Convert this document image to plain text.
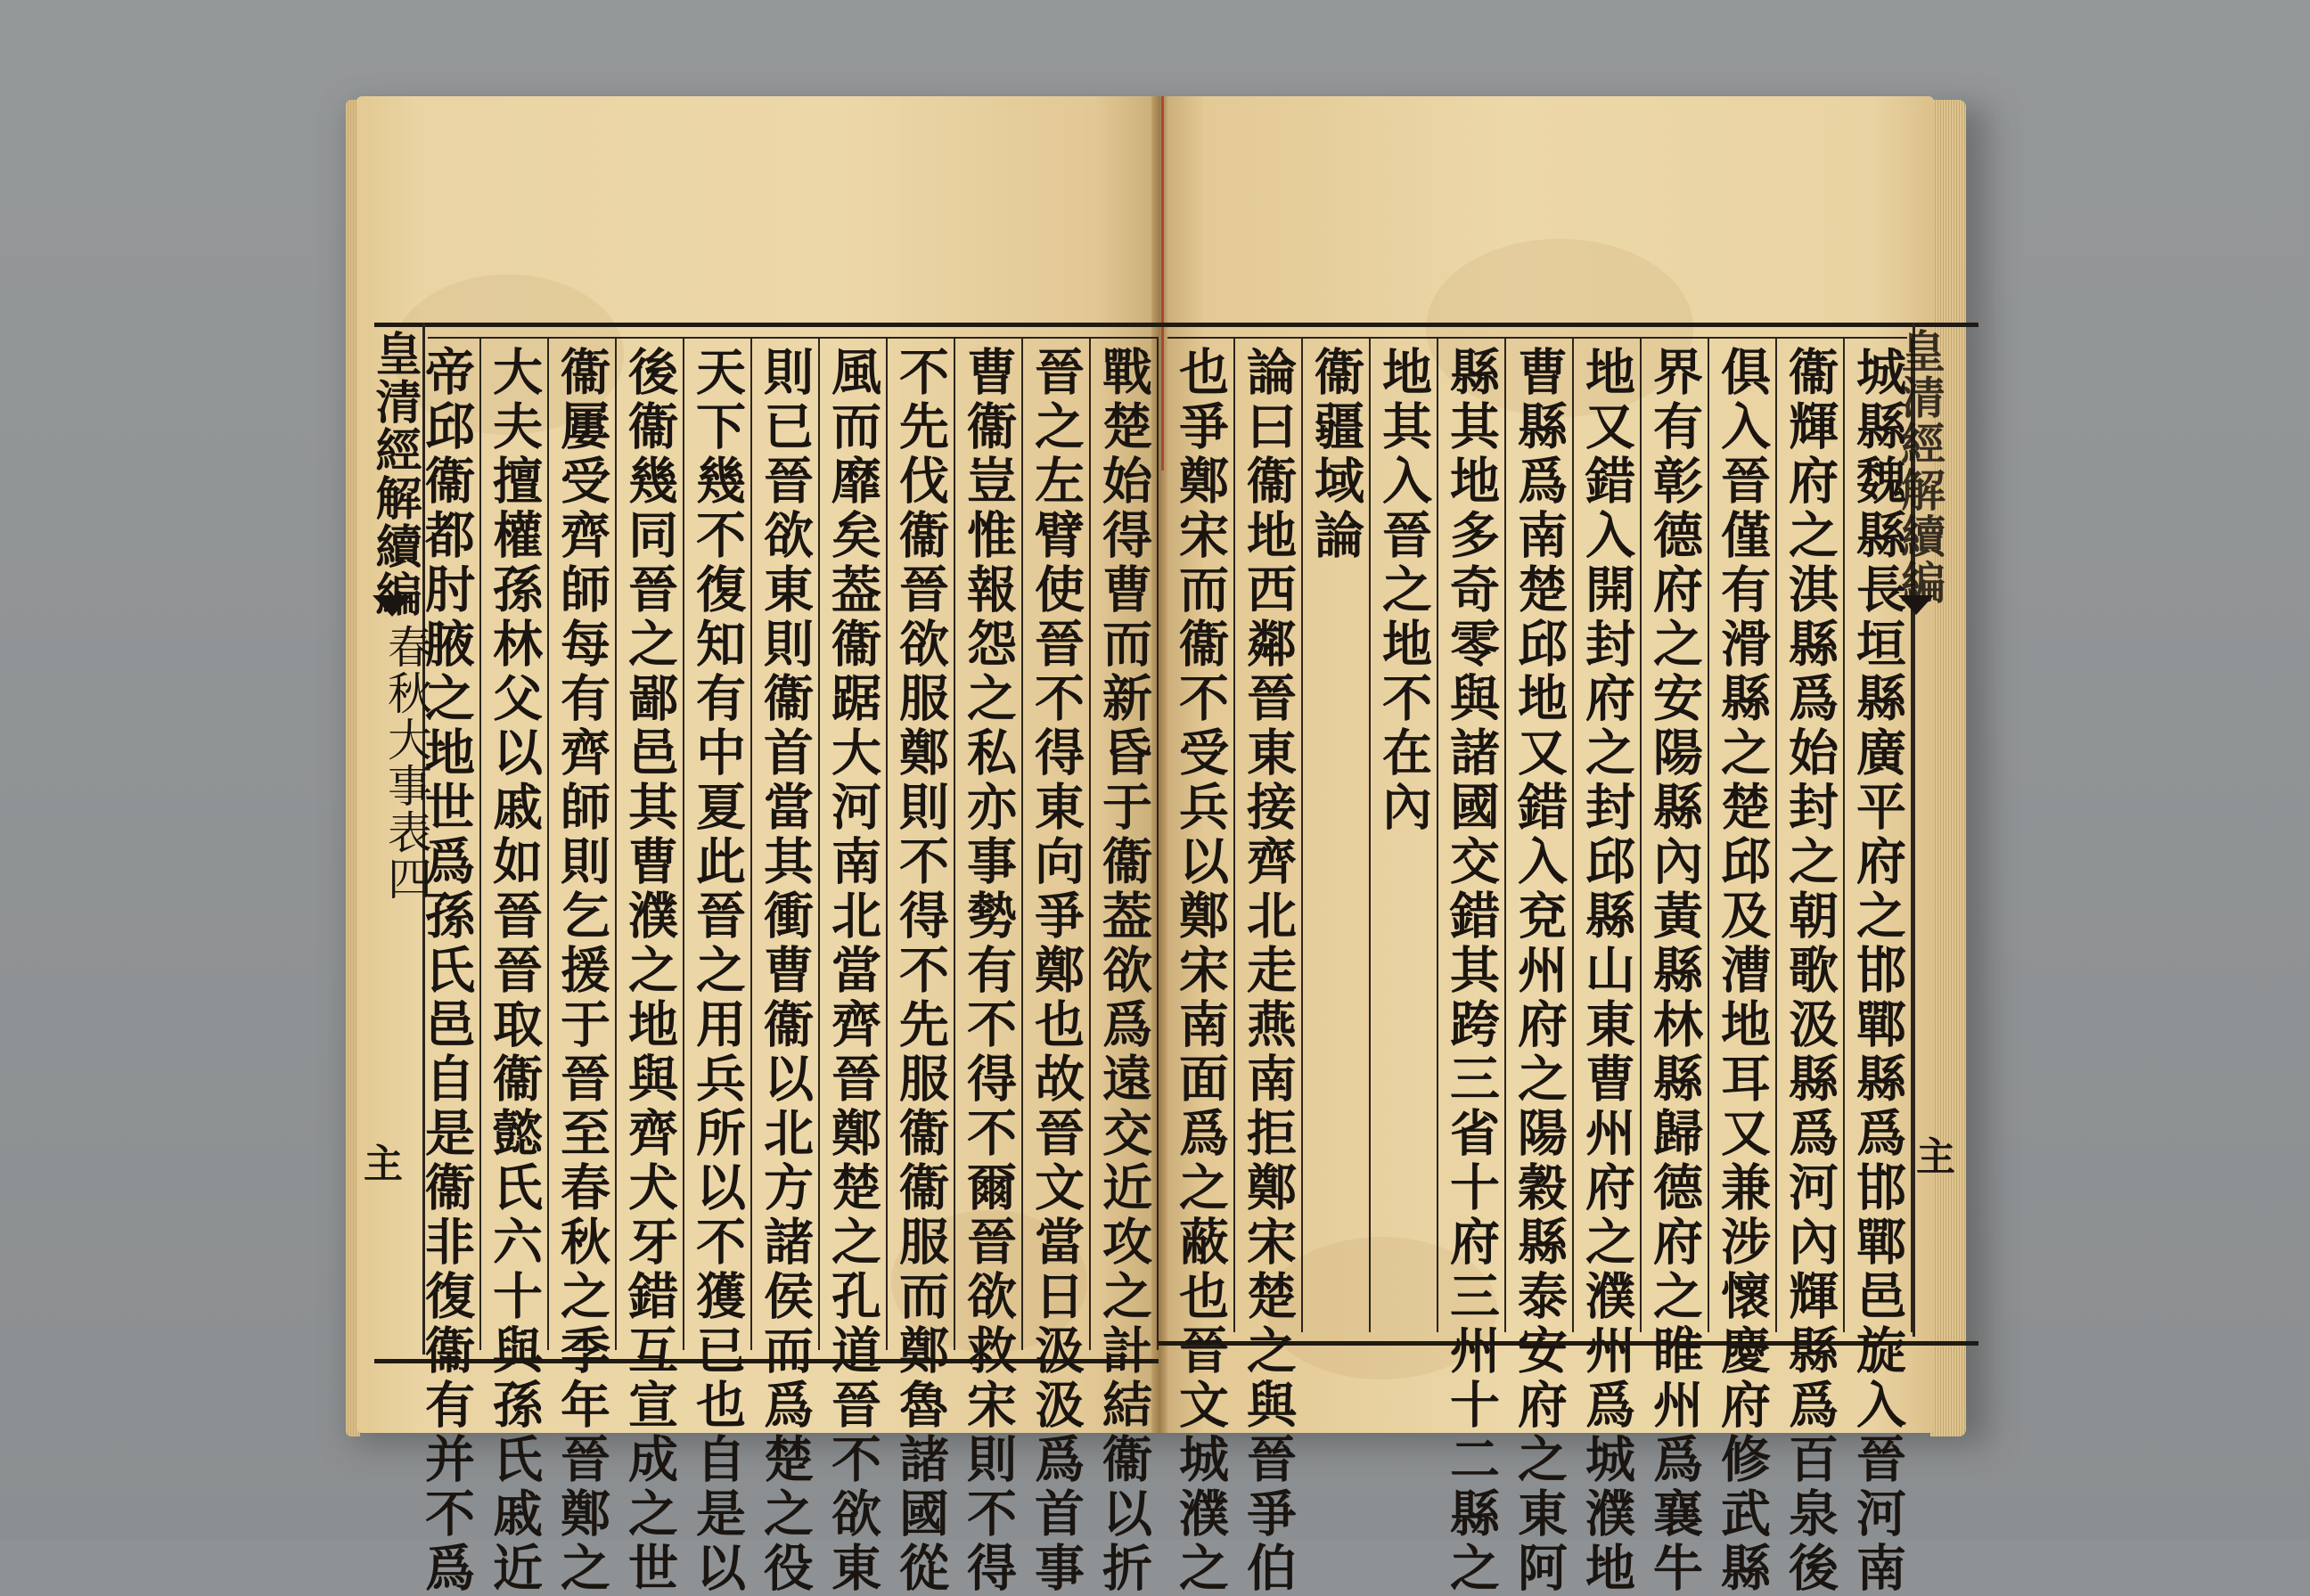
戰楚始得曹而新昏于衞葢欲爲遠交近攻之計結衞以折
晉之左臂使晉不得東向爭鄭也故晉文當日汲汲爲首事
曹衞豈惟報怨之私亦事勢有不得不爾晉欲救宋則不得
不先伐衞晉欲服鄭則不得不先服衞衞服而鄭魯諸國從
風而靡矣葢衞踞大河南北當齊晉鄭楚之孔道晉不欲東
則已晉欲東則衞首當其衝曹衞以北方諸侯而爲楚之役
天下幾不復知有中夏此晉之用兵所以不獲已也自是以
後衞幾同晉之鄙邑其曹濮之地與齊犬牙錯互宣成之世
衞屢受齊師每有齊師則乞援于晉至春秋之季年晉鄭之
大夫擅權孫林父以戚如晉晉取衞懿氏六十與孫氏戚近
帝邱衞都肘腋之地世爲孫氏邑自是衞非復衞有并不爲
皇清經解續編
春秋大事表四
主	城縣魏縣長垣縣廣平府之邯鄲縣爲邯鄲邑旋入晉河南
衞輝府之淇縣爲始封之朝歌汲縣爲河內輝縣爲百泉後
俱入晉僅有滑縣之楚邱及漕地耳又兼涉懷慶府修武縣
界有彰德府之安陽縣內黃縣林縣歸德府之睢州爲襄牛
地又錯入開封府之封邱縣山東曹州府之濮州爲城濮地
曹縣爲南楚邱地又錯入兗州府之陽穀縣泰安府之東阿
縣其地多奇零與諸國交錯其跨三省十府三州十二縣之
地其入晉之地不在內
衞疆域論
論曰衞地西鄰晉東接齊北走燕南拒鄭宋楚之與晉爭伯
也爭鄭宋而衞不受兵以鄭宋南面爲之蔽也晉文城濮之	皇清經解續編
主
